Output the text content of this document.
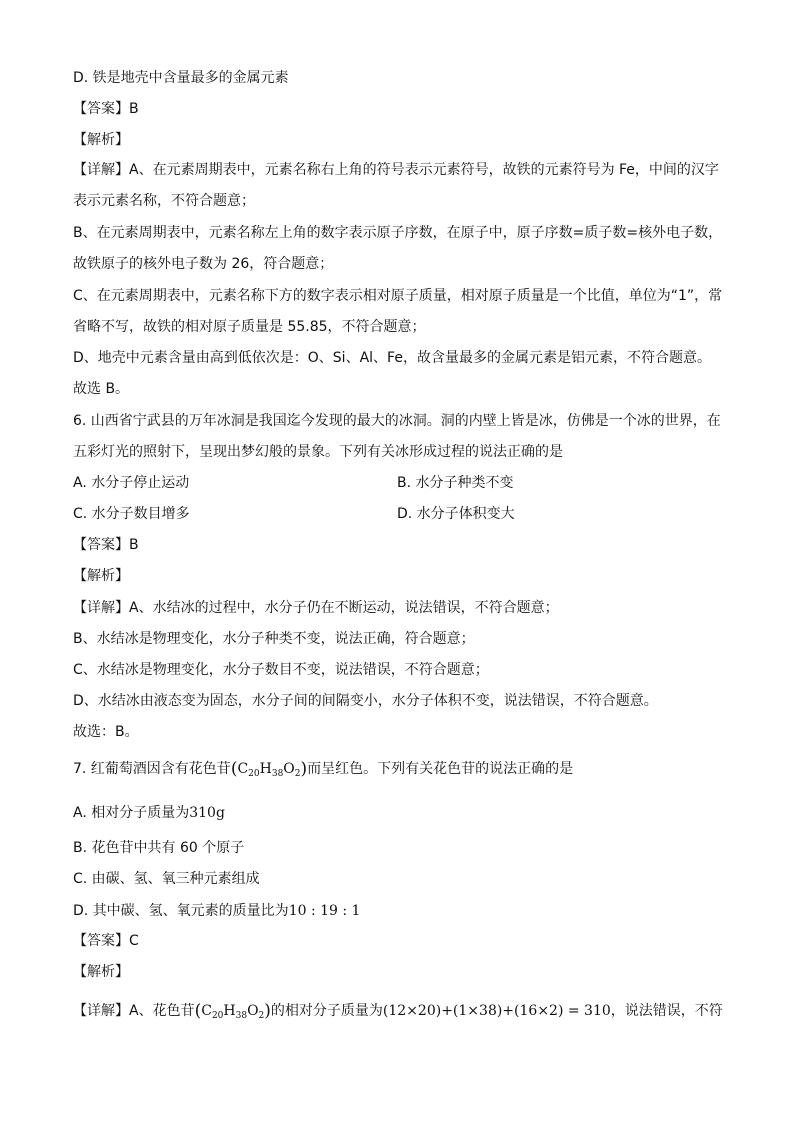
D. 铁是地壳中含量最多的金属元素
【答案】B
【解析】
【详解】A、在元素周期表中，元素名称右上角的符号表示元素符号，故铁的元素符号为 Fe，中间的汉字
表示元素名称，不符合题意；
B、在元素周期表中，元素名称左上角的数字表示原子序数，在原子中，原子序数=质子数=核外电子数，
故铁原子的核外电子数为 26，符合题意；
C、在元素周期表中，元素名称下方的数字表示相对原子质量，相对原子质量是一个比值，单位为“1”，常
省略不写，故铁的相对原子质量是 55.85，不符合题意；
D、地壳中元素含量由高到低依次是：O、Si、Al、Fe，故含量最多的金属元素是铝元素，不符合题意。
故选 B。
6. 山西省宁武县的万年冰洞是我国迄今发现的最大的冰洞。洞的内壁上皆是冰，仿佛是一个冰的世界，在
五彩灯光的照射下，呈现出梦幻般的景象。下列有关冰形成过程的说法正确的是
A. 水分子停止运动	B. 水分子种类不变
C. 水分子数目增多	D. 水分子体积变大
【答案】B
【解析】
【详解】A、水结冰的过程中，水分子仍在不断运动，说法错误，不符合题意；
B、水结冰是物理变化，水分子种类不变，说法正确，符合题意；
C、水结冰是物理变化，水分子数目不变，说法错误，不符合题意；
D、水结冰由液态变为固态，水分子间的间隔变小，水分子体积不变，说法错误，不符合题意。
故选：B。
7. 红葡萄酒因含有花色苷$(C_{20}H_{38}O_2)$而呈红色。下列有关花色苷的说法正确的是
A. 相对分子质量为310g
B. 花色苷中共有 60 个原子
C. 由碳、氢、氧三种元素组成
D. 其中碳、氢、氧元素的质量比为10 : 19 : 1
【答案】C
【解析】
【详解】A、花色苷$(C_{20}H_{38}O_2)$的相对分子质量为(12×20)+(1×38)+(16×2) = 310，说法错误，不符
